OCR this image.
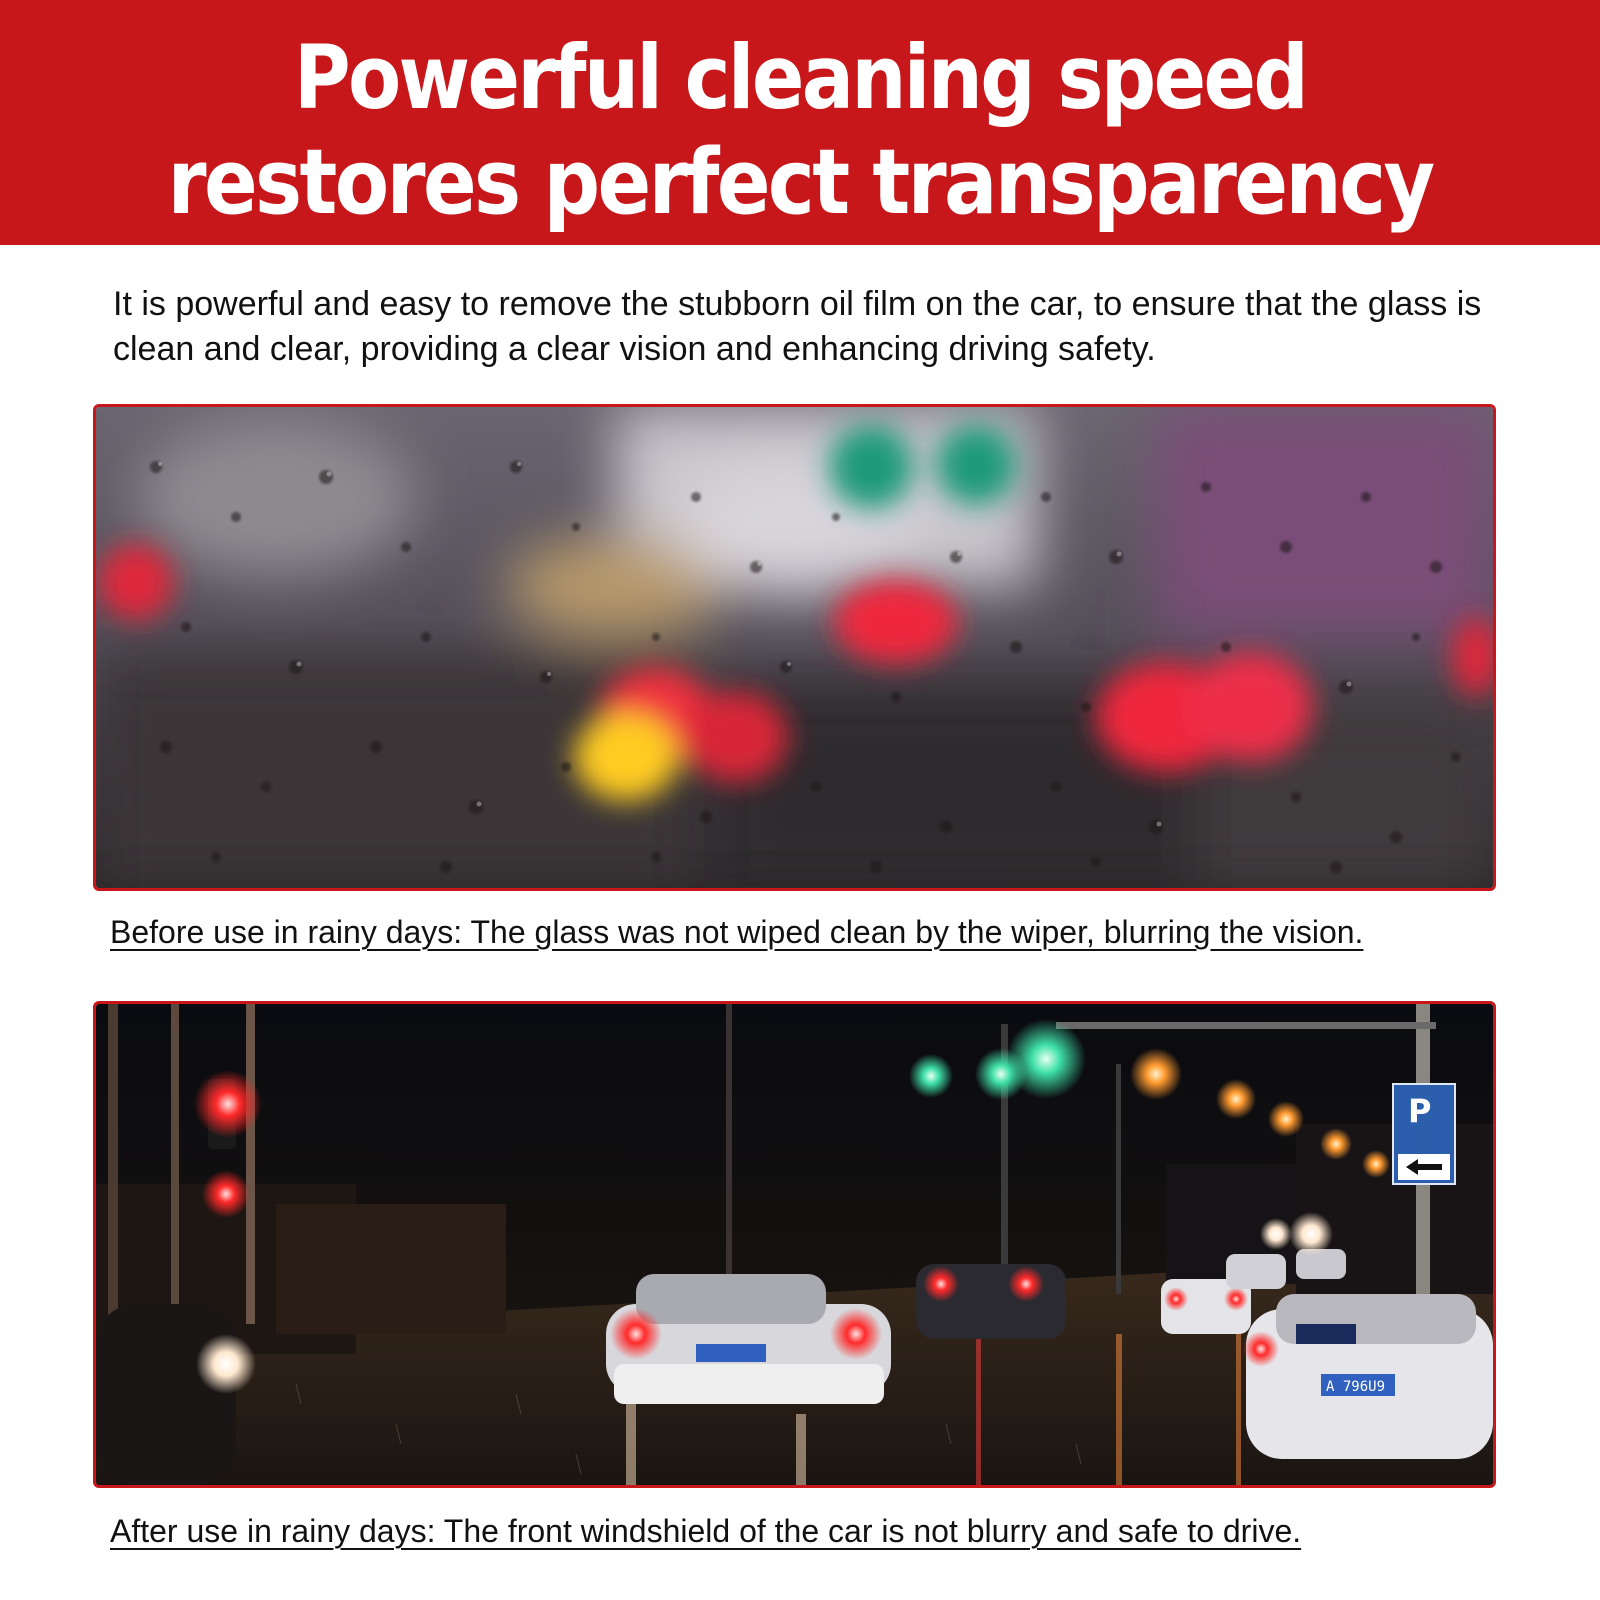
Powerful cleaning speed
restores perfect transparency
It is powerful and easy to remove the stubborn oil film on the car, to ensure that the glass is clean and clear, providing a clear vision and enhancing driving safety.
Before use in rainy days: The glass was not wiped clean by the wiper, blurring the vision.
P
A 796U9
After use in rainy days: The front windshield of the car is not blurry and safe to drive.
